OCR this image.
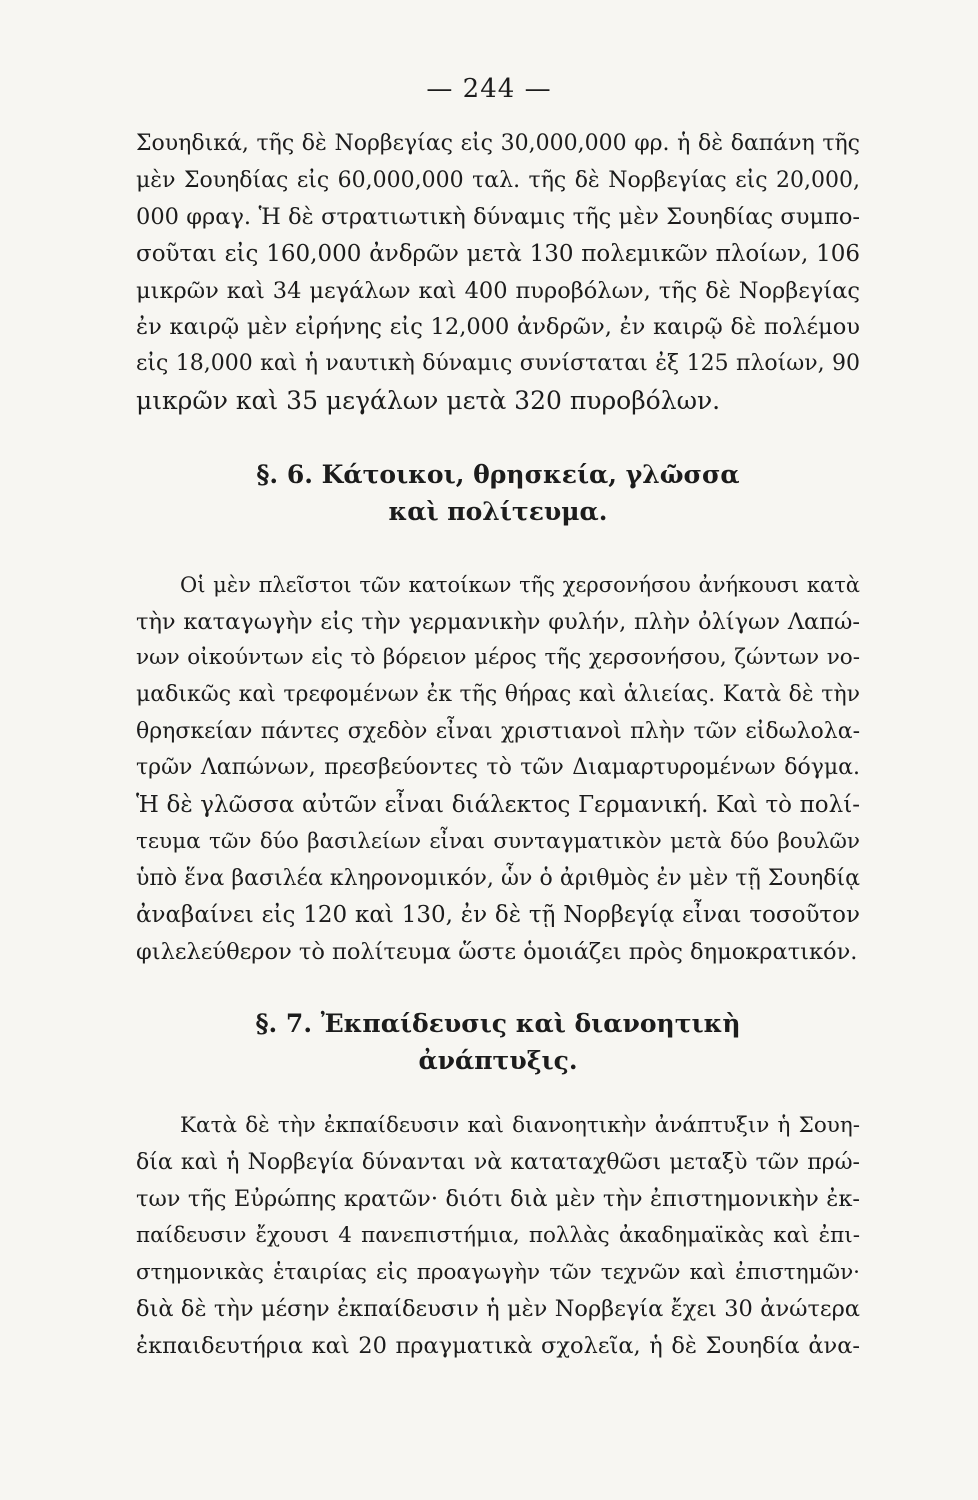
— 244 —
Σουηδικά, τῆς δὲ Νορβεγίας εἰς 30,000,000 φρ. ἡ δὲ δαπάνη τῆς
μὲν Σουηδίας εἰς 60,000,000 ταλ. τῆς δὲ Νορβεγίας εἰς 20,000,
000 φραγ. Ἡ δὲ στρατιωτικὴ δύναμις τῆς μὲν Σουηδίας συμπο-
σοῦται εἰς 160,000 ἀνδρῶν μετὰ 130 πολεμικῶν πλοίων, 106
μικρῶν καὶ 34 μεγάλων καὶ 400 πυροβόλων, τῆς δὲ Νορβεγίας
ἐν καιρῷ μὲν εἰρήνης εἰς 12,000 ἀνδρῶν, ἐν καιρῷ δὲ πολέμου
εἰς 18,000 καὶ ἡ ναυτικὴ δύναμις συνίσταται ἐξ 125 πλοίων, 90
μικρῶν καὶ 35 μεγάλων μετὰ 320 πυροβόλων.
§. 6. Κάτοικοι, θρησκεία, γλῶσσα
καὶ πολίτευμα.
Οἱ μὲν πλεῖστοι τῶν κατοίκων τῆς χερσονήσου ἀνήκουσι κατὰ
τὴν καταγωγὴν εἰς τὴν γερμανικὴν φυλήν, πλὴν ὀλίγων Λαπώ-
νων οἰκούντων εἰς τὸ βόρειον μέρος τῆς χερσονήσου, ζώντων νο-
μαδικῶς καὶ τρεφομένων ἐκ τῆς θήρας καὶ ἁλιείας. Κατὰ δὲ τὴν
θρησκείαν πάντες σχεδὸν εἶναι χριστιανοὶ πλὴν τῶν εἰδωλολα-
τρῶν Λαπώνων, πρεσβεύοντες τὸ τῶν Διαμαρτυρομένων δόγμα.
Ἡ δὲ γλῶσσα αὐτῶν εἶναι διάλεκτος Γερμανική. Καὶ τὸ πολί-
τευμα τῶν δύο βασιλείων εἶναι συνταγματικὸν μετὰ δύο βουλῶν
ὑπὸ ἕνα βασιλέα κληρονομικόν, ὧν ὁ ἀριθμὸς ἐν μὲν τῇ Σουηδίᾳ
ἀναβαίνει εἰς 120 καὶ 130, ἐν δὲ τῇ Νορβεγίᾳ εἶναι τοσοῦτον
φιλελεύθερον τὸ πολίτευμα ὥστε ὁμοιάζει πρὸς δημοκρατικόν.
§. 7. Ἐκπαίδευσις καὶ διανοητικὴ
ἀνάπτυξις.
Κατὰ δὲ τὴν ἐκπαίδευσιν καὶ διανοητικὴν ἀνάπτυξιν ἡ Σουη-
δία καὶ ἡ Νορβεγία δύνανται νὰ καταταχθῶσι μεταξὺ τῶν πρώ-
των τῆς Εὐρώπης κρατῶν· διότι διὰ μὲν τὴν ἐπιστημονικὴν ἐκ-
παίδευσιν ἔχουσι 4 πανεπιστήμια, πολλὰς ἀκαδημαϊκὰς καὶ ἐπι-
στημονικὰς ἑταιρίας εἰς προαγωγὴν τῶν τεχνῶν καὶ ἐπιστημῶν·
διὰ δὲ τὴν μέσην ἐκπαίδευσιν ἡ μὲν Νορβεγία ἔχει 30 ἀνώτερα
ἐκπαιδευτήρια καὶ 20 πραγματικὰ σχολεῖα, ἡ δὲ Σουηδία ἀνα-
